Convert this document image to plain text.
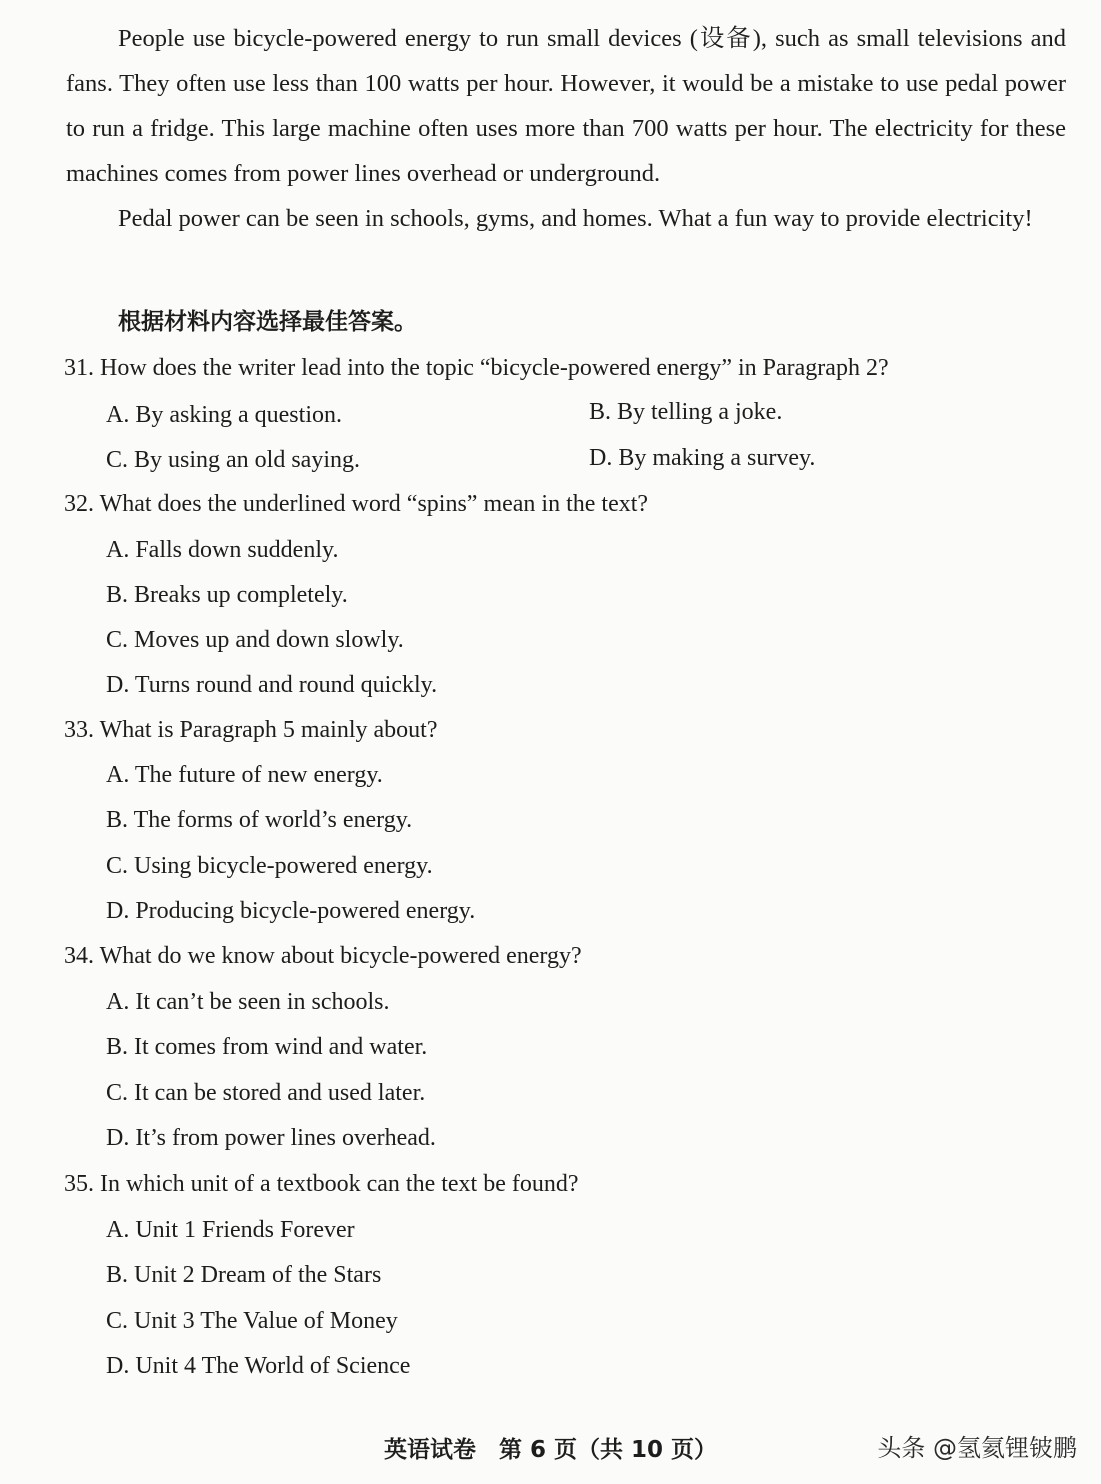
People use bicycle-powered energy to run small devices (设备), such as small televisions and fans. They often use less than 100 watts per hour. However, it would be a mistake to use pedal power to run a fridge. This large machine often uses more than 700 watts per hour. The electricity for these machines comes from power lines overhead or underground.

Pedal power can be seen in schools, gyms, and homes. What a fun way to provide electricity!

根据材料内容选择最佳答案。

31. How does the writer lead into the topic “bicycle-powered energy” in Paragraph 2?

A. By asking a question.	B. By telling a joke.

C. By using an old saying.	D. By making a survey.

32. What does the underlined word “spins” mean in the text?

A. Falls down suddenly.

B. Breaks up completely.

C. Moves up and down slowly.

D. Turns round and round quickly.

33. What is Paragraph 5 mainly about?

A. The future of new energy.

B. The forms of world’s energy.

C. Using bicycle-powered energy.

D. Producing bicycle-powered energy.

34. What do we know about bicycle-powered energy?

A. It can’t be seen in schools.

B. It comes from wind and water.

C. It can be stored and used later.

D. It’s from power lines overhead.

35. In which unit of a textbook can the text be found?

A. Unit 1 Friends Forever

B. Unit 2 Dream of the Stars

C. Unit 3 The Value of Money

D. Unit 4 The World of Science

英语试卷　第 6 页（共 10 页）	头条 @氢氦锂铍鹏
